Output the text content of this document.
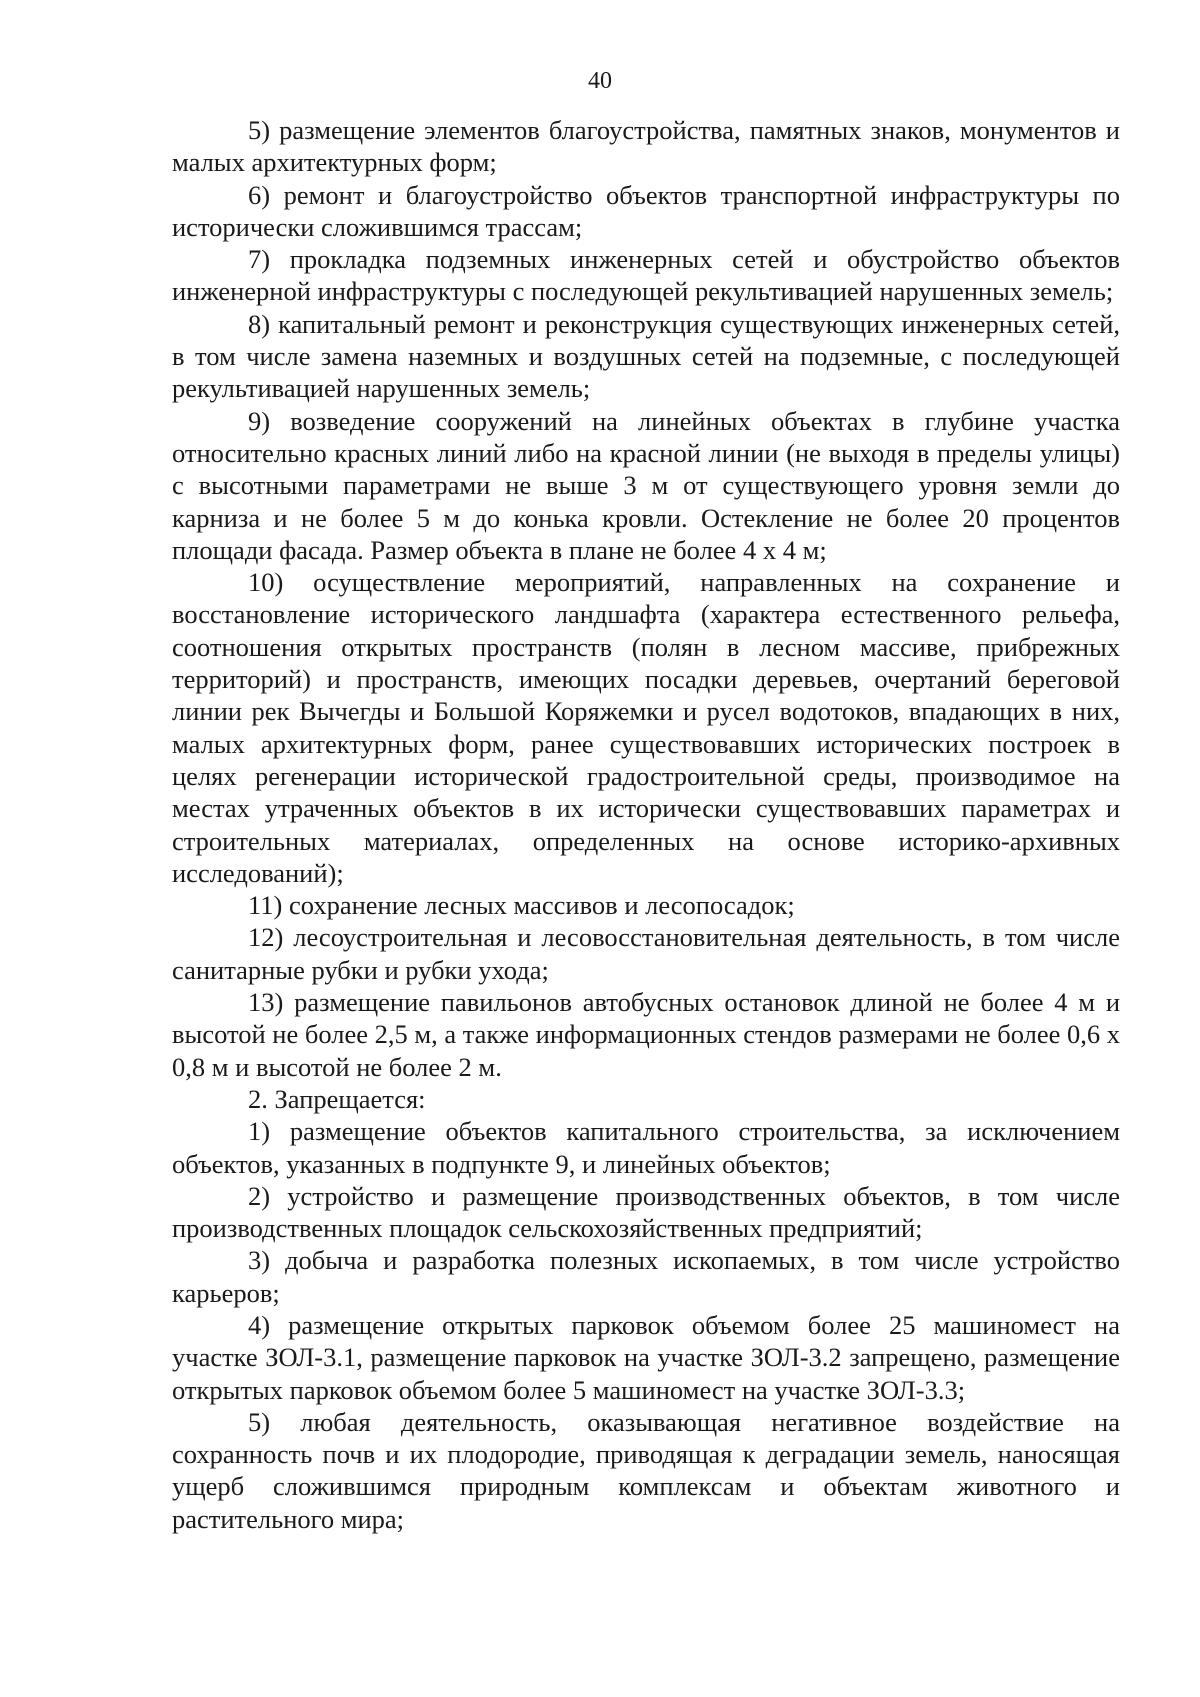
40

5) размещение элементов благоустройства, памятных знаков, монументов и малых архитектурных форм;

6) ремонт и благоустройство объектов транспортной инфраструктуры по исторически сложившимся трассам;

7) прокладка подземных инженерных сетей и обустройство объектов инженерной инфраструктуры с последующей рекультивацией нарушенных земель;

8) капитальный ремонт и реконструкция существующих инженерных сетей, в том числе замена наземных и воздушных сетей на подземные, с последующей рекультивацией нарушенных земель;

9) возведение сооружений на линейных объектах в глубине участка относительно красных линий либо на красной линии (не выходя в пределы улицы) с высотными параметрами не выше 3 м от существующего уровня земли до карниза и не более 5 м до конька кровли. Остекление не более 20 процентов площади фасада. Размер объекта в плане не более 4 х 4 м;

10) осуществление мероприятий, направленных на сохранение и восстановление исторического ландшафта (характера естественного рельефа, соотношения открытых пространств (полян в лесном массиве, прибрежных территорий) и пространств, имеющих посадки деревьев, очертаний береговой линии рек Вычегды и Большой Коряжемки и русел водотоков, впадающих в них, малых архитектурных форм, ранее существовавших исторических построек в целях регенерации исторической градостроительной среды, производимое на местах утраченных объектов в их исторически существовавших параметрах и строительных материалах, определенных на основе историко-архивных исследований);

11) сохранение лесных массивов и лесопосадок;

12) лесоустроительная и лесовосстановительная деятельность, в том числе санитарные рубки и рубки ухода;

13) размещение павильонов автобусных остановок длиной не более 4 м и высотой не более 2,5 м, а также информационных стендов размерами не более 0,6 х 0,8 м и высотой не более 2 м.

2. Запрещается:

1) размещение объектов капитального строительства, за исключением объектов, указанных в подпункте 9, и линейных объектов;

2) устройство и размещение производственных объектов, в том числе производственных площадок сельскохозяйственных предприятий;

3) добыча и разработка полезных ископаемых, в том числе устройство карьеров;

4) размещение открытых парковок объемом более 25 машиномест на участке ЗОЛ-3.1, размещение парковок на участке ЗОЛ-3.2 запрещено, размещение открытых парковок объемом более 5 машиномест на участке ЗОЛ-3.3;

5) любая деятельность, оказывающая негативное воздействие на сохранность почв и их плодородие, приводящая к деградации земель, наносящая ущерб сложившимся природным комплексам и объектам животного и растительного мира;
